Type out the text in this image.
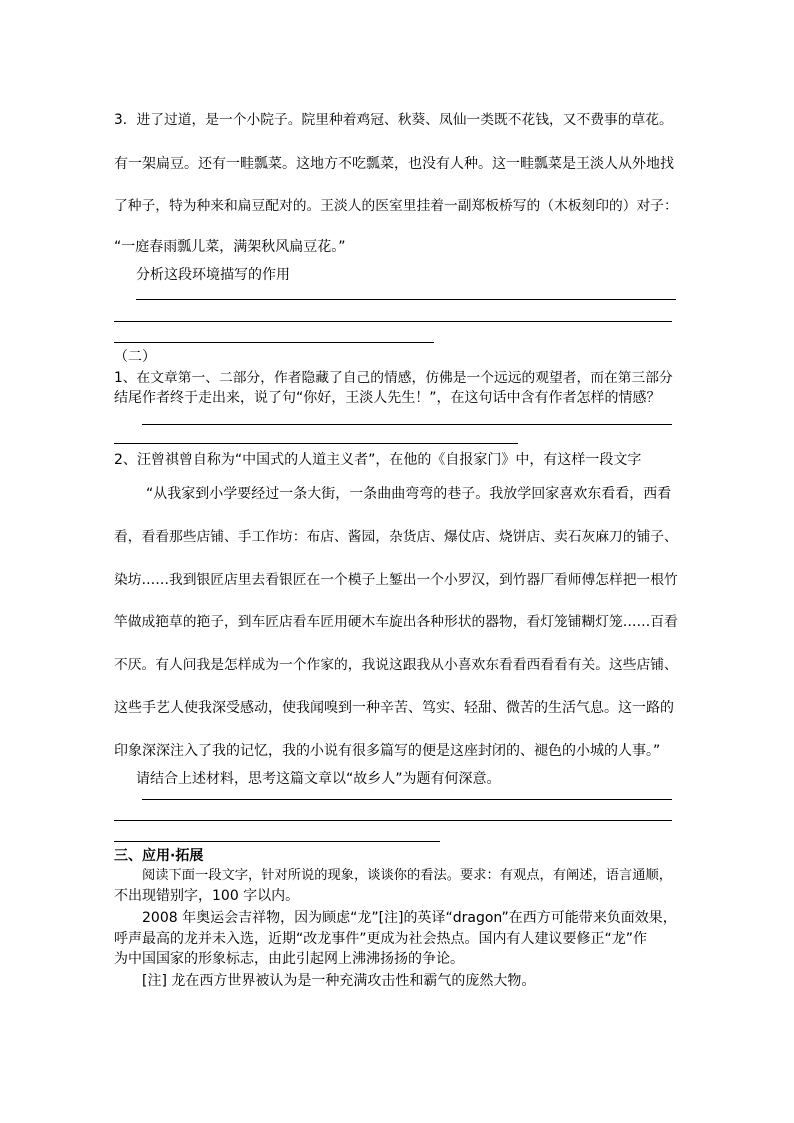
3．进了过道，是一个小院子。院里种着鸡冠、秋葵、凤仙一类既不花钱，又不费事的草花。
有一架扁豆。还有一畦瓢菜。这地方不吃瓢菜，也没有人种。这一畦瓢菜是王淡人从外地找
了种子，特为种来和扁豆配对的。王淡人的医室里挂着一副郑板桥写的（木板刻印的）对子：
“一庭春雨瓢儿菜，满架秋风扁豆花。”
分析这段环境描写的作用
（二）
1、在文章第一、二部分，作者隐藏了自己的情感，仿佛是一个远远的观望者，而在第三部分
结尾作者终于走出来，说了句“你好，王淡人先生！”，在这句话中含有作者怎样的情感？
2、汪曾祺曾自称为“中国式的人道主义者”，在他的《自报家门》中，有这样一段文字
“从我家到小学要经过一条大街，一条曲曲弯弯的巷子。我放学回家喜欢东看看，西看
看，看看那些店铺、手工作坊：布店、酱园，杂货店、爆仗店、烧饼店、卖石灰麻刀的铺子、
染坊……我到银匠店里去看银匠在一个模子上錾出一个小罗汉，到竹器厂看师傅怎样把一根竹
竿做成筢草的筢子，到车匠店看车匠用硬木车旋出各种形状的器物，看灯笼铺糊灯笼……百看
不厌。有人问我是怎样成为一个作家的，我说这跟我从小喜欢东看看西看看有关。这些店铺、
这些手艺人使我深受感动，使我闻嗅到一种辛苦、笃实、轻甜、微苦的生活气息。这一路的
印象深深注入了我的记忆，我的小说有很多篇写的便是这座封闭的、褪色的小城的人事。”
请结合上述材料，思考这篇文章以“故乡人”为题有何深意。
三、应用·拓展
阅读下面一段文字，针对所说的现象，谈谈你的看法。要求：有观点，有阐述，语言通顺，
不出现错别字，100 字以内。
2008 年奥运会吉祥物，因为顾虑“龙”[注]的英译“dragon”在西方可能带来负面效果，
呼声最高的龙并未入选，近期“改龙事件”更成为社会热点。国内有人建议要修正“龙”作
为中国国家的形象标志，由此引起网上沸沸扬扬的争论。
[注] 龙在西方世界被认为是一种充满攻击性和霸气的庞然大物。
